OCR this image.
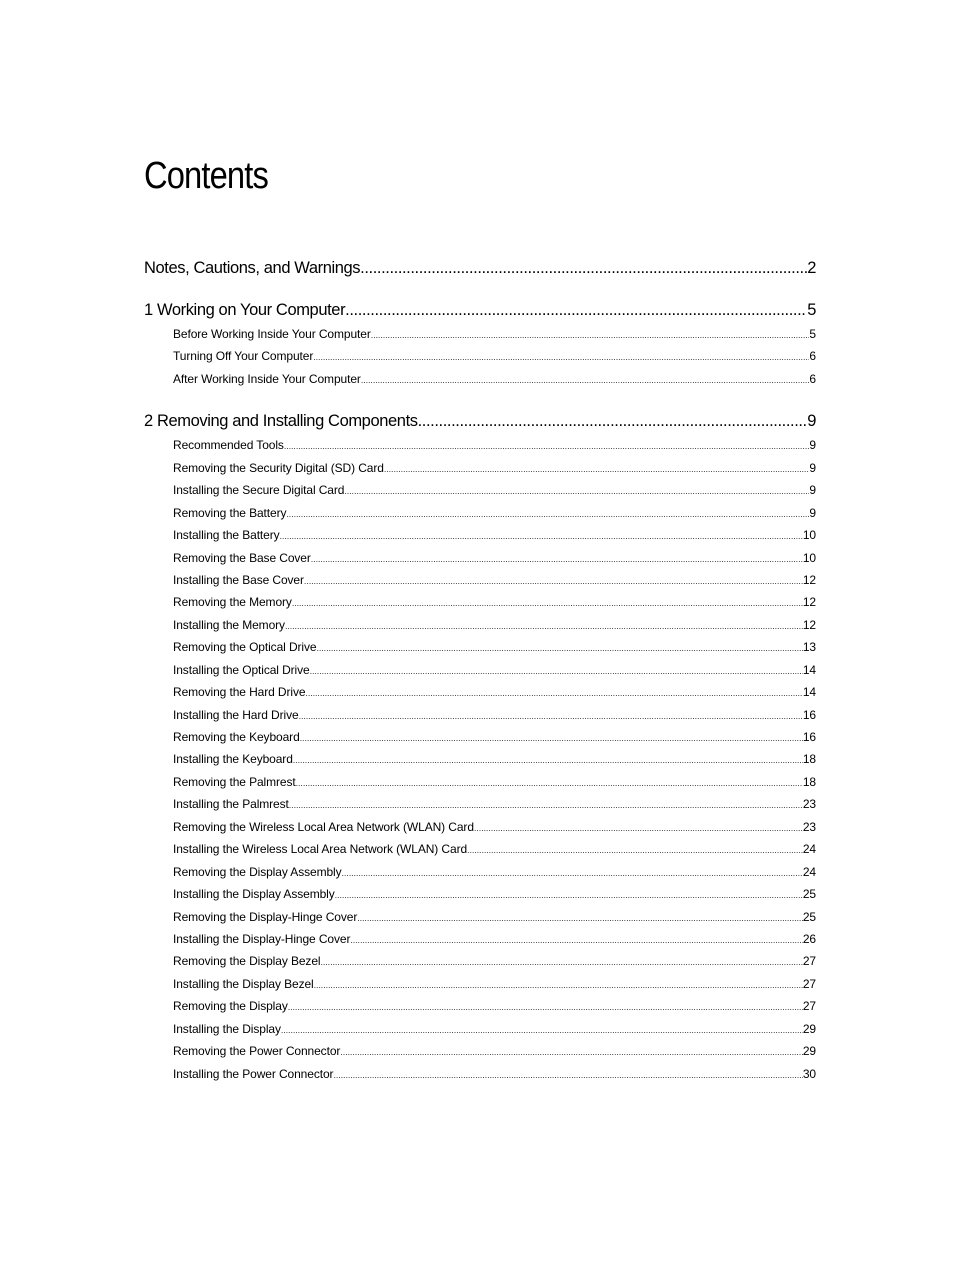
Contents
Notes, Cautions, and Warnings .....	2
1 Working on Your Computer .....	5
Before Working Inside Your Computer .....	5
Turning Off Your Computer .....	6
After Working Inside Your Computer .....	6
2 Removing and Installing Components .....	9
Recommended Tools .....	9
Removing the Security Digital (SD) Card .....	9
Installing the Secure Digital Card .....	9
Removing the Battery .....	9
Installing the Battery .....	10
Removing the Base Cover .....	10
Installing the Base Cover .....	12
Removing the Memory .....	12
Installing the Memory .....	12
Removing the Optical Drive .....	13
Installing the Optical Drive .....	14
Removing the Hard Drive .....	14
Installing the Hard Drive .....	16
Removing the Keyboard .....	16
Installing the Keyboard .....	18
Removing the Palmrest .....	18
Installing the Palmrest .....	23
Removing the Wireless Local Area Network (WLAN) Card .....	23
Installing the Wireless Local Area Network (WLAN) Card .....	24
Removing the Display Assembly .....	24
Installing the Display Assembly .....	25
Removing the Display-Hinge Cover .....	25
Installing the Display-Hinge Cover .....	26
Removing the Display Bezel .....	27
Installing the Display Bezel .....	27
Removing the Display .....	27
Installing the Display .....	29
Removing the Power Connector .....	29
Installing the Power Connector .....	30
